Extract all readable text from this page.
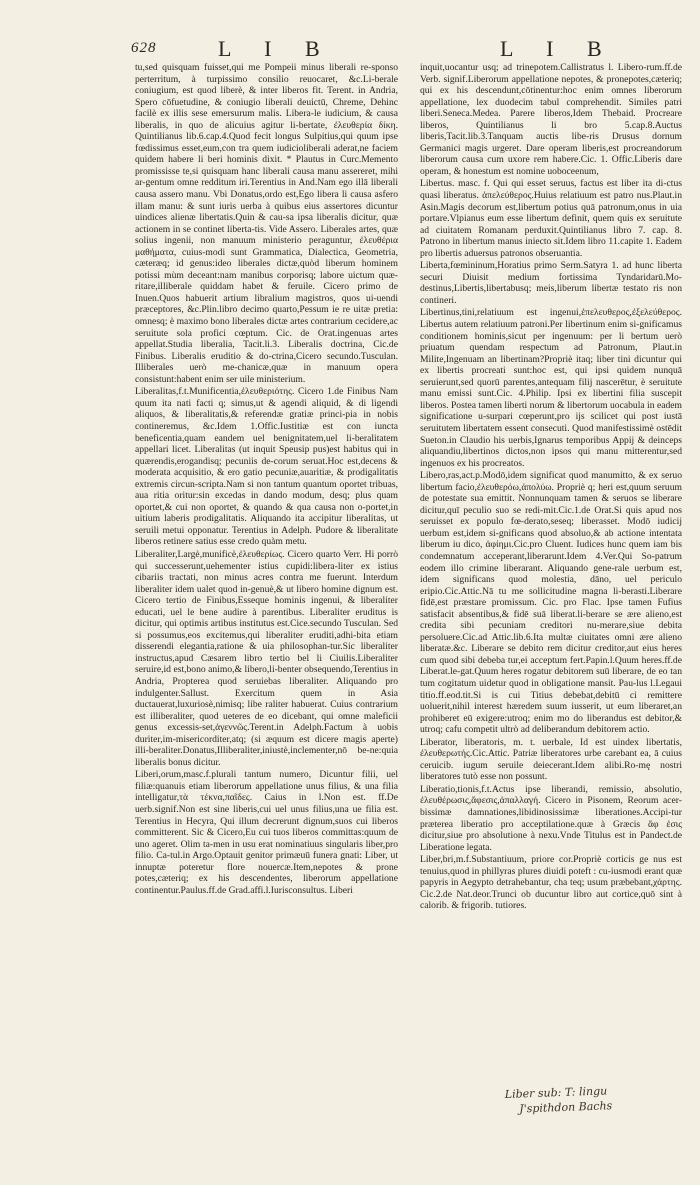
628	L I B	L I B

tu,sed quisquam fuisset,qui me Pompeii minus liberali re-sponso perterritum, à turpissimo consilio reuocaret, &c.Li-berale coniugium, est quod liberè, & inter liberos fit. Terent. in Andria, Spero cōfuetudine, & coniugio liberali deuictū, Chreme, Dehinc facilè ex illis sese emersurum malis. Libera-le iudicium, & causa liberalis, in quo de alicuius agitur li-bertate, ἐλευθερία δίκη. Quintilianus lib.6.cap.4.Quod fecit longus Sulpitius,qui quum ipse fœdissimus esset,eum,con tra quem iudicioliberali aderat,ne faciem quidem habere li beri hominis dixit. * Plautus in Curc.Memento promississe te,si quisquam hanc liberali causa manu assereret, mihi ar-gentum omne redditum iri.Terentius in And.Nam ego illā liberali causa assero manu. Vbi Donatus,ordo est,Ego libera li causa asfero illam manu: & sunt iuris uerba à quibus eius assertores dicuntur uindices alienæ libertatis.Quin & cau-sa ipsa liberalis dicitur, quæ actionem in se continet liberta-tis. Vide Assero. Liberales artes, quæ solius ingenii, non manuum ministerio peraguntur, ἐλευθέρια μαθήματα, cuius-modi sunt Grammatica, Dialectica, Geometria, cæteræq; id genus:ideo liberales dictæ,quòd liberum hominem potissi mùm deceant:nam manibus corporisq; labore uictum quæ-ritare,illiberale quiddam habet & feruile. Cicero primo de Inuen.Quos habuerit artium libralium magistros, quos ui-uendi præceptores, &c.Plin.libro decimo quarto,Pessum ie re uitæ pretia: omnesq; è maximo bono liberales dictæ artes contrarium cecidere,ac seruitute sola profici cœptum. Cic. de Orat.ingenuas artes appellat.Studia liberalia, Tacit.li.3. Liberalis doctrina, Cic.de Finibus. Liberalis eruditio & do-ctrina,Cicero secundo.Tusculan. Illiberales uerò me-chanicæ,quæ in manuum opera consistunt:habent enim ser uile ministerium.

Liberalitas,f.t.Munificentia,ἐλευθεριότης. Cicero 1.de Finibus Nam quum ita nati facti q; simus,ut & agendi aliquid, & di ligendi aliquos, & liberalitatis,& referendæ gratiæ princi-pia in nobis contineremus, &c.Idem 1.Offic.Iustitiæ est con iuncta beneficentia,quam eandem uel benignitatem,uel li-beralitatem appellari licet. Liberalitas (ut inquit Speusip pus)est habitus qui in quærendis,erogandisq; pecuniis de-corum seruat.Hoc est,decens & moderata acquisitio, & ero gatio pecuniæ,auaritiæ, & prodigalitatis extremis circun-scripta.Nam si non tantum quantum oportet tribuas, aua ritia oritur:sin excedas in dando modum, desq; plus quam oportet,& cui non oportet, & quando & qua causa non o-portet,in uitium laberis prodigalitatis. Aliquando ita accipitur liberalitas, ut seruili metui opponatur. Terentius in Adelph. Pudore & liberalitate liberos retinere satius esse credo quàm metu.

Liberaliter,Largè,munificè,ἐλευθερίως. Cicero quarto Verr. Hi porrò qui successerunt,uehementer istius cupidi:libera-liter ex istius cibariis tractati, non minus acres contra me fuerunt. Interdum liberaliter idem ualet quod in-genuè,& ut libero homine dignum est. Cicero tertio de Finibus,Esseque hominis ingenui, & liberaliter educati, uel le bene audire à parentibus. Liberaliter eruditus is dicitur, qui optimis artibus institutus est.Cice.secundo Tusculan. Sed si possumus,eos excitemus,qui liberaliter eruditi,adhi-bita etiam disserendi elegantia,ratione & uia philosophan-tur.Sic liberaliter instructus,apud Cæsarem libro tertio bel li Ciuilis.Liberaliter seruire,id est,bono animo,& libero,li-benter obsequendo,Terentius in Andria, Propterea quod seruiebas liberaliter. Aliquando pro indulgenter.Sallust. Exercitum quem in Asia ductauerat,luxuriosè,nimisq; libe raliter habuerat. Cuius contrarium est illiberaliter, quod ueteres de eo dicebant, qui omne maleficii genus excessis-set,ἀγεννῶς.Terent.in Adelph.Factum à uobis duriter,im-misericorditer,atq; (si æquum est dicere magis aperte) illi-beraliter.Donatus,Illiberaliter,iniustè,inclementer,nō be-ne:quia liberalis bonus dicitur.

Liberi,orum,masc.f.plurali tantum numero, Dicuntur filii, uel filiæ:quanuis etiam liberorum appellatione unus filius, & una filia intelligatur,τὰ τέκνα,παῖδες. Caius in l.Non est. ff.De uerb.signif.Non est sine liberis,cui uel unus filius,una ue filia est. Terentius in Hecyra, Qui illum decrerunt dignum,suos cui liberos committerent. Sic & Cicero,Eu cui tuos liberos committas:quum de uno ageret. Olim ta-men in usu erat nominatiuus singularis liber,pro filio. Ca-tul.in Argo.Optauit genitor primæuū funera gnati: Liber, ut innuptæ poteretur flore nouercæ.Item,nepotes & prone potes,cæteriq; ex his descendentes, liberorum appellatione continentur.Paulus.ff.de Grad.affi.l.Iurisconsultus. Liberi

inquit,uocantur usq; ad trinepotem.Callistratus l. Libero-rum.ff.de Verb. signif.Liberorum appellatione nepotes, & pronepotes,cæteriq; qui ex his descendunt,cōtinentur:hoc enim omnes liberorum appellatione, lex duodecim tabul comprehendit. Similes patri liberi.Seneca.Medea. Parere liberos,Idem Thebaid. Procreare liberos, Quintilianus li bro 5.cap.8.Auctus liberis,Tacit.lib.3.Tanquam auctis libe-ris Drusus dornum Germanici magis urgeret. Dare operam liberis,est procreandorum liberorum causa cum uxore rem habere.Cic. 1. Offic.Liberis dare operam, & honestum est nomine uoboceenum,

Libertus. masc. f. Qui qui esset seruus, factus est liber ita di-ctus quasi liberatus. ἀπελεύθερος.Huius relatiuum est patro nus.Plaut.in Asin.Magis decorum est,libertum potius quā patronum,onus in uia portare.Vlpianus eum esse libertum definit, quem quis ex seruitute ad ciuitatem Romanam perduxit.Quintilianus libro 7. cap. 8. Patrono in libertum manus iniecto sit.Idem libro 11.capite 1. Eadem pro libertis aduersus patronos obseruantia.

Liberta,fœmininum,Horatius primo Serm.Satyra 1. ad hunc liberta securi Diuisit medium fortissima Tyndaridarū.Mo-destinus,Libertis,libertabusq; meis,liberum libertæ testato ris non contineri.

Libertinus,tini,relatiuum est ingenui,ἐπελευθερος,ἐξελεύθερος. Libertus autem relatiuum patroni.Per libertinum enim si-gnificamus conditionem hominis,sicut per ingenuum: per li bertum uerò priuatum quendam respectum ad Patronum, Plaut.in Milite,Ingenuam an libertinam?Propriè itaq; liber tini dicuntur qui ex libertis procreati sunt:hoc est, qui ipsi quidem nunquā seruierunt,sed quorū parentes,antequam filij nascerētur, è seruitute manu emissi sunt.Cic. 4.Philip. Ipsi ex libertini filia suscepit liberos. Postea tamen liberti norum & libertorum uocabula in eadem significatione u-surpari cœperunt,pro ijs scilicet qui post iustā seruitutem libertatem essent consecuti. Quod manifestissimè ostēdit Sueton.in Claudio his uerbis,Ignarus temporibus Appij & deinceps aliquandiu,libertinos dictos,non ipsos qui manu mitterentur,sed ingenuos ex his procreatos.

Libero,ras,act.p.Modō,idem significat quod manumitto, & ex seruo libertum facio,ἐλευθερόω,ἀπολύω. Propriè q; heri est,quum seruum de potestate sua emittit. Nonnunquam tamen & seruos se liberare dicitur,quī peculio suo se redi-mit.Cic.1.de Orat.Si quis apud nos seruisset ex populo fœ-derato,seseq; liberasset. Modō iudicij uerbum est,idem si-gnificans quod absoluo,& ab actione intentata liberum iu dico, ἀφίημι.Cic.pro Cluent. Iudices hunc quem iam bis condemnatum acceperant,liberarunt.Idem 4.Ver.Qui So-patrum eodem illo crimine liberarant. Aliquando gene-rale uerbum est, idem significans quod molestia, dāno, uel periculo eripio.Cic.Attic.Nā tu me sollicitudine magna li-berasti.Liberare fidē,est præstare promissum. Cic. pro Flac. Ipse tamen Fufius satisfacit absentibus,& fidē suā liberat.li-berare se ære alieno,est credita sibi pecuniam creditori nu-merare,siue debita persoluere.Cic.ad Attic.lib.6.Ita multæ ciuitates omni ære alieno liberatæ.&c. Liberare se debito rem dicitur creditor,aut eius heres cum quod sibi debeba tur,ei acceptum fert.Papin.l.Quum heres.ff.de Liberat.le-gat.Quum heres rogatur debitorem suū liberare, de eo tan tum cogitatum uidetur quod in obligatione mansit. Pau-lus l.Legaui titio.ff.eod.tit.Si is cui Titius debebat,debitū ci remittere uoluerit,nihil interest hæredem suum iusserit, ut eum liberaret,an prohiberet eū exigere:utroq; enim mo do liberandus est debitor,& utroq; cafu competit ultrò ad deliberandum debitorem actio.

Liberator, liberatoris, m. t. uerbale, Id est uindex libertatis, ἐλευθερωτής.Cic.Attic. Patriæ liberatores urbe carebant ea, ā cuius ceruicib. iugum seruile deiecerant.Idem alibi.Ro-mę nostri liberatores tutò esse non possunt.

Liberatio,tionis,f.t.Actus ipse liberandi, remissio, absolutio, ἐλευθέρωσις,ἄφεσις,ἀπαλλαγή. Cicero in Pisonem, Reorum acer-bissimæ damnationes,libidinosissimæ liberationes.Accipi-tur præterea liberatio pro acceptilatione.quæ à Græcis ἄφ ἐσις dicitur,siue pro absolutione à nexu.Vnde Titulus est in Pandect.de Liberatione legata.

Liber,bri,m.f.Substantiuum, priore cor.Propriè corticis ge nus est tenuius,quod in phillyras plures diuidi poteft : cu-iusmodi erant quæ papyris in Aegypto detrahebantur, cha teq; usum præbebant,χάρτης. Cic.2.de Nat.deor.Trunci ob ducuntur libro aut cortice,quō sint à calorib. & frigorib. tutiores.

Liber sub: T: lingu
J'spithdon Bachs
